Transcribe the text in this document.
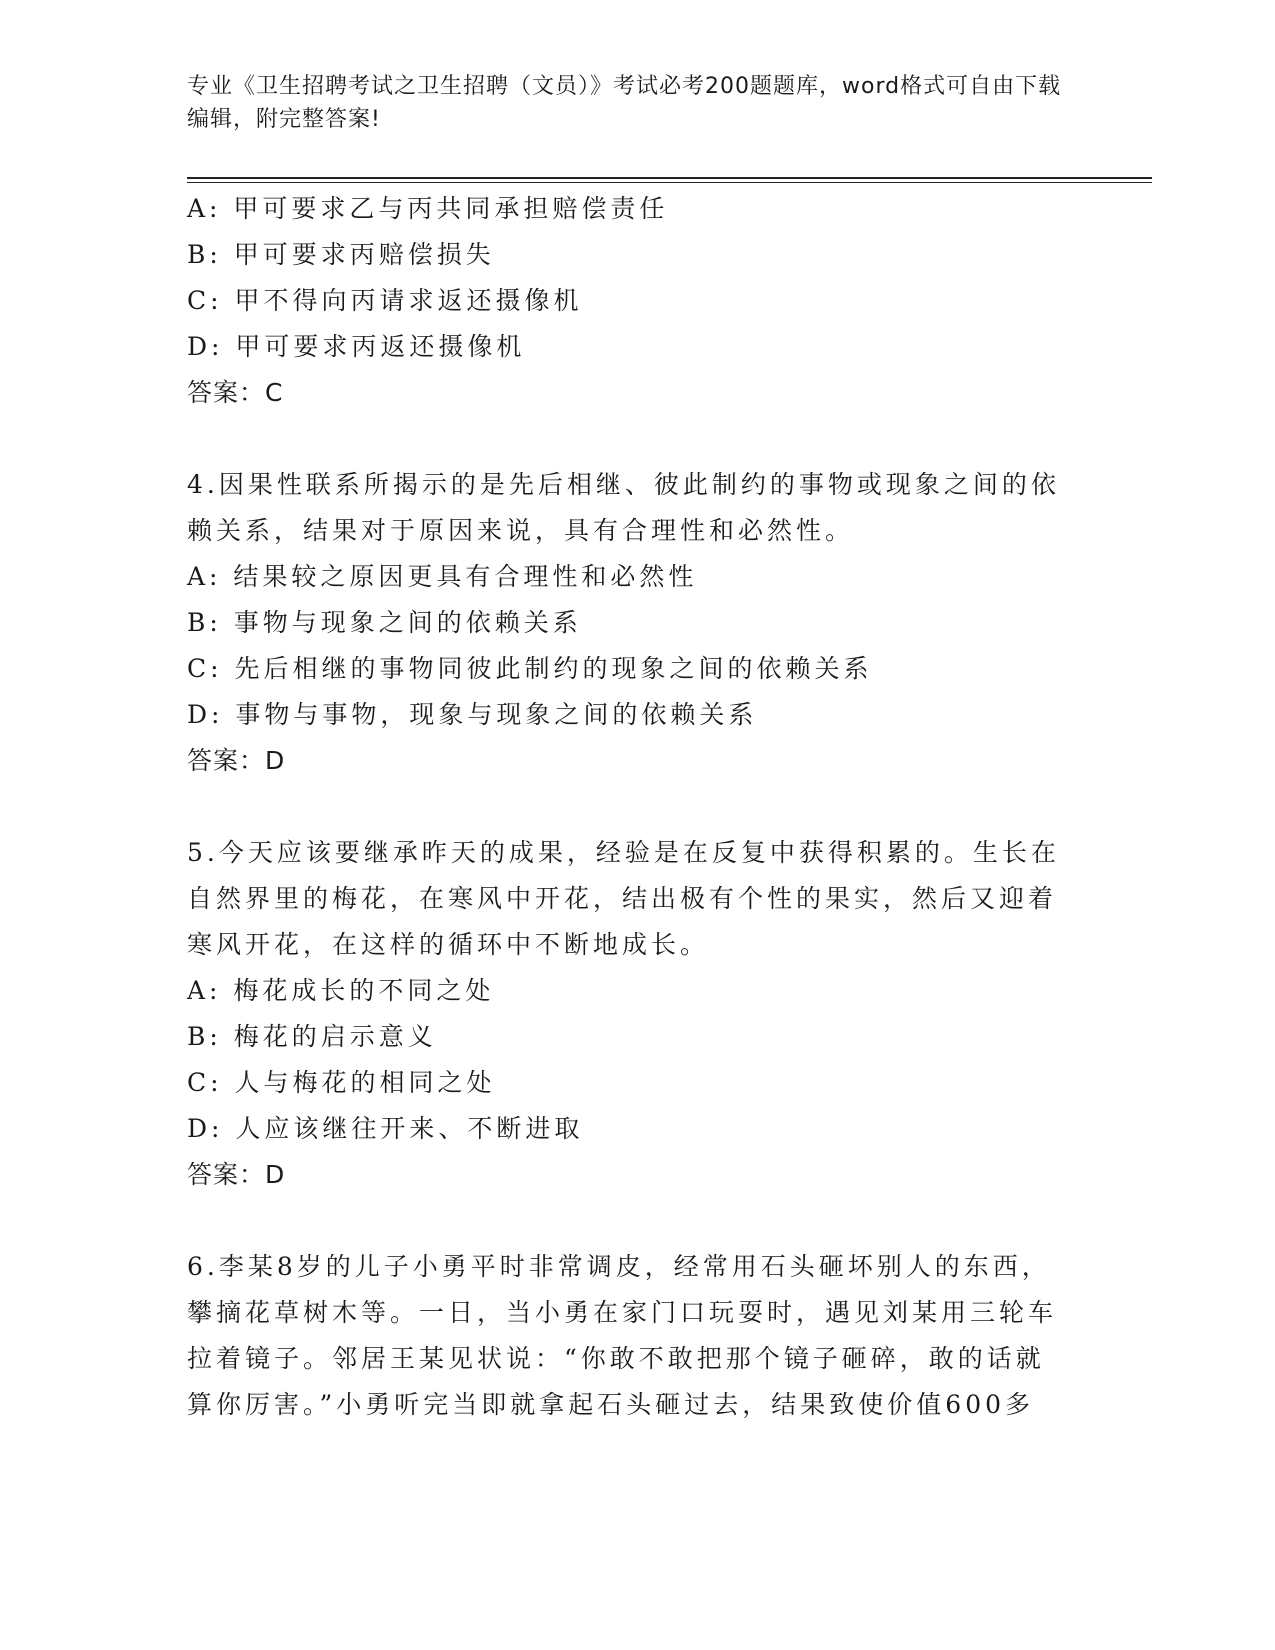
专业《卫生招聘考试之卫生招聘（文员）》考试必考200题题库，word格式可自由下载编辑，附完整答案!
A: 甲可要求乙与丙共同承担赔偿责任
B: 甲可要求丙赔偿损失
C: 甲不得向丙请求返还摄像机
D: 甲可要求丙返还摄像机
答案：C
4.因果性联系所揭示的是先后相继、彼此制约的事物或现象之间的依赖关系，结果对于原因来说，具有合理性和必然性。
A: 结果较之原因更具有合理性和必然性
B: 事物与现象之间的依赖关系
C: 先后相继的事物同彼此制约的现象之间的依赖关系
D: 事物与事物，现象与现象之间的依赖关系
答案：D
5.今天应该要继承昨天的成果，经验是在反复中获得积累的。生长在自然界里的梅花，在寒风中开花，结出极有个性的果实，然后又迎着寒风开花，在这样的循环中不断地成长。
A: 梅花成长的不同之处
B: 梅花的启示意义
C: 人与梅花的相同之处
D: 人应该继往开来、不断进取
答案：D
6.李某8岁的儿子小勇平时非常调皮，经常用石头砸坏别人的东西，攀摘花草树木等。一日，当小勇在家门口玩耍时，遇见刘某用三轮车拉着镜子。邻居王某见状说：“你敢不敢把那个镜子砸碎，敢的话就算你厉害。”小勇听完当即就拿起石头砸过去，结果致使价值600多
